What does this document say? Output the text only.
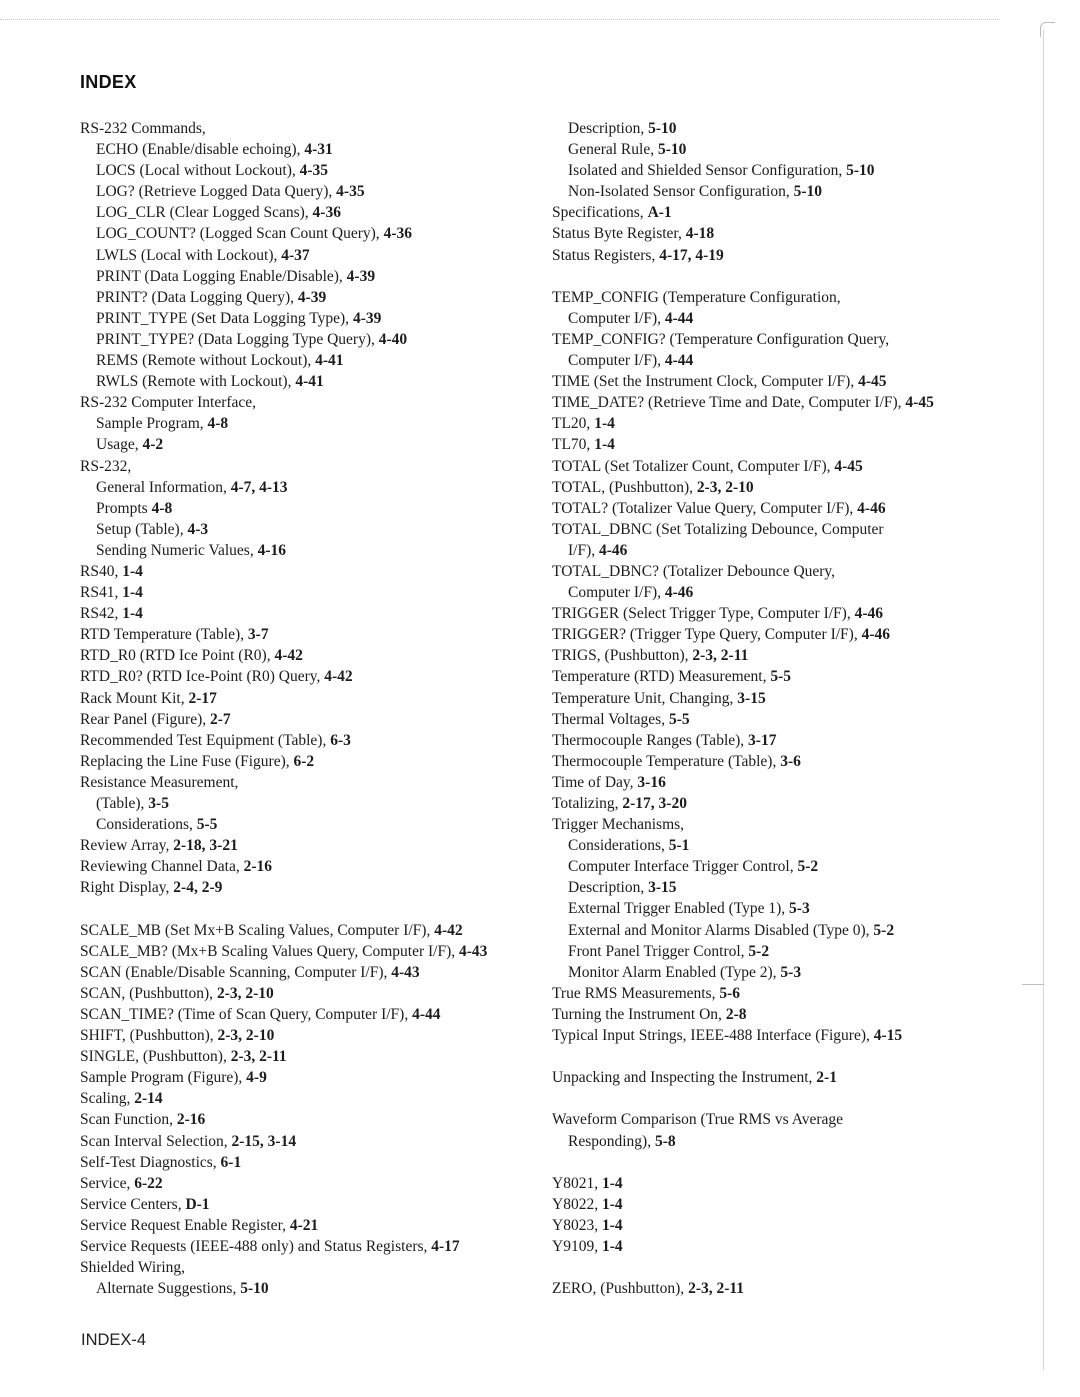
INDEX
RS-232 Commands,
ECHO (Enable/disable echoing), 4-31
LOCS (Local without Lockout), 4-35
LOG? (Retrieve Logged Data Query), 4-35
LOG_CLR (Clear Logged Scans), 4-36
LOG_COUNT? (Logged Scan Count Query), 4-36
LWLS (Local with Lockout), 4-37
PRINT (Data Logging Enable/Disable), 4-39
PRINT? (Data Logging Query), 4-39
PRINT_TYPE (Set Data Logging Type), 4-39
PRINT_TYPE? (Data Logging Type Query), 4-40
REMS (Remote without Lockout), 4-41
RWLS (Remote with Lockout), 4-41
RS-232 Computer Interface,
Sample Program, 4-8
Usage, 4-2
RS-232,
General Information, 4-7, 4-13
Prompts 4-8
Setup (Table), 4-3
Sending Numeric Values, 4-16
RS40, 1-4
RS41, 1-4
RS42, 1-4
RTD Temperature (Table), 3-7
RTD_R0 (RTD Ice Point (R0), 4-42
RTD_R0? (RTD Ice-Point (R0) Query, 4-42
Rack Mount Kit, 2-17
Rear Panel (Figure), 2-7
Recommended Test Equipment (Table), 6-3
Replacing the Line Fuse (Figure), 6-2
Resistance Measurement,
(Table), 3-5
Considerations, 5-5
Review Array, 2-18, 3-21
Reviewing Channel Data, 2-16
Right Display, 2-4, 2-9
SCALE_MB (Set Mx+B Scaling Values, Computer I/F), 4-42
SCALE_MB? (Mx+B Scaling Values Query, Computer I/F), 4-43
SCAN (Enable/Disable Scanning, Computer I/F), 4-43
SCAN, (Pushbutton), 2-3, 2-10
SCAN_TIME? (Time of Scan Query, Computer I/F), 4-44
SHIFT, (Pushbutton), 2-3, 2-10
SINGLE, (Pushbutton), 2-3, 2-11
Sample Program (Figure), 4-9
Scaling, 2-14
Scan Function, 2-16
Scan Interval Selection, 2-15, 3-14
Self-Test Diagnostics, 6-1
Service, 6-22
Service Centers, D-1
Service Request Enable Register, 4-21
Service Requests (IEEE-488 only) and Status Registers, 4-17
Shielded Wiring,
Alternate Suggestions, 5-10
Description, 5-10
General Rule, 5-10
Isolated and Shielded Sensor Configuration, 5-10
Non-Isolated Sensor Configuration, 5-10
Specifications, A-1
Status Byte Register, 4-18
Status Registers, 4-17, 4-19
TEMP_CONFIG (Temperature Configuration,
Computer I/F), 4-44
TEMP_CONFIG? (Temperature Configuration Query,
Computer I/F), 4-44
TIME (Set the Instrument Clock, Computer I/F), 4-45
TIME_DATE? (Retrieve Time and Date, Computer I/F), 4-45
TL20, 1-4
TL70, 1-4
TOTAL (Set Totalizer Count, Computer I/F), 4-45
TOTAL, (Pushbutton), 2-3, 2-10
TOTAL? (Totalizer Value Query, Computer I/F), 4-46
TOTAL_DBNC (Set Totalizing Debounce, Computer
I/F), 4-46
TOTAL_DBNC? (Totalizer Debounce Query,
Computer I/F), 4-46
TRIGGER (Select Trigger Type, Computer I/F), 4-46
TRIGGER? (Trigger Type Query, Computer I/F), 4-46
TRIGS, (Pushbutton), 2-3, 2-11
Temperature (RTD) Measurement, 5-5
Temperature Unit, Changing, 3-15
Thermal Voltages, 5-5
Thermocouple Ranges (Table), 3-17
Thermocouple Temperature (Table), 3-6
Time of Day, 3-16
Totalizing, 2-17, 3-20
Trigger Mechanisms,
Considerations, 5-1
Computer Interface Trigger Control, 5-2
Description, 3-15
External Trigger Enabled (Type 1), 5-3
External and Monitor Alarms Disabled (Type 0), 5-2
Front Panel Trigger Control, 5-2
Monitor Alarm Enabled (Type 2), 5-3
True RMS Measurements, 5-6
Turning the Instrument On, 2-8
Typical Input Strings, IEEE-488 Interface (Figure), 4-15
Unpacking and Inspecting the Instrument, 2-1
Waveform Comparison (True RMS vs Average
Responding), 5-8
Y8021, 1-4
Y8022, 1-4
Y8023, 1-4
Y9109, 1-4
ZERO, (Pushbutton), 2-3, 2-11

INDEX-4
